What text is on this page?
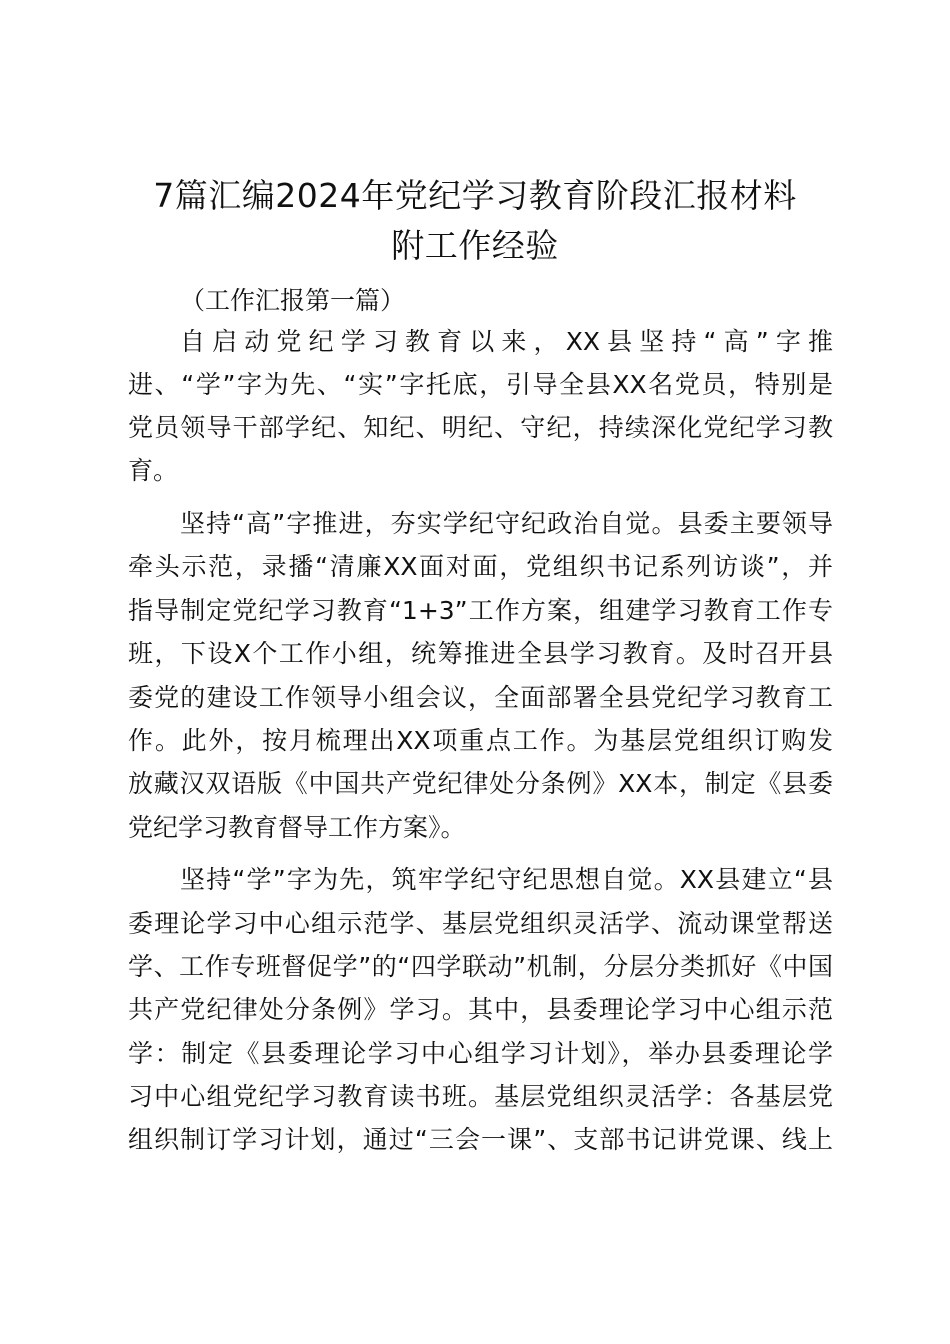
7篇汇编2024年党纪学习教育阶段汇报材料
附工作经验
（工作汇报第一篇）
自启动党纪学习教育以来，XX县坚持“高”字推
进、“学”字为先、“实”字托底，引导全县XX名党员，特别是
党员领导干部学纪、知纪、明纪、守纪，持续深化党纪学习教
育。
坚持“高”字推进，夯实学纪守纪政治自觉。县委主要领导
牵头示范，录播“清廉XX面对面，党组织书记系列访谈”，并
指导制定党纪学习教育“1+3”工作方案，组建学习教育工作专
班，下设X个工作小组，统筹推进全县学习教育。及时召开县
委党的建设工作领导小组会议，全面部署全县党纪学习教育工
作。此外，按月梳理出XX项重点工作。为基层党组织订购发
放藏汉双语版《中国共产党纪律处分条例》XX本，制定《县委
党纪学习教育督导工作方案》。
坚持“学”字为先，筑牢学纪守纪思想自觉。XX县建立“县
委理论学习中心组示范学、基层党组织灵活学、流动课堂帮送
学、工作专班督促学”的“四学联动”机制，分层分类抓好《中国
共产党纪律处分条例》学习。其中，县委理论学习中心组示范
学：制定《县委理论学习中心组学习计划》，举办县委理论学
习中心组党纪学习教育读书班。基层党组织灵活学：各基层党
组织制订学习计划，通过“三会一课”、支部书记讲党课、线上
